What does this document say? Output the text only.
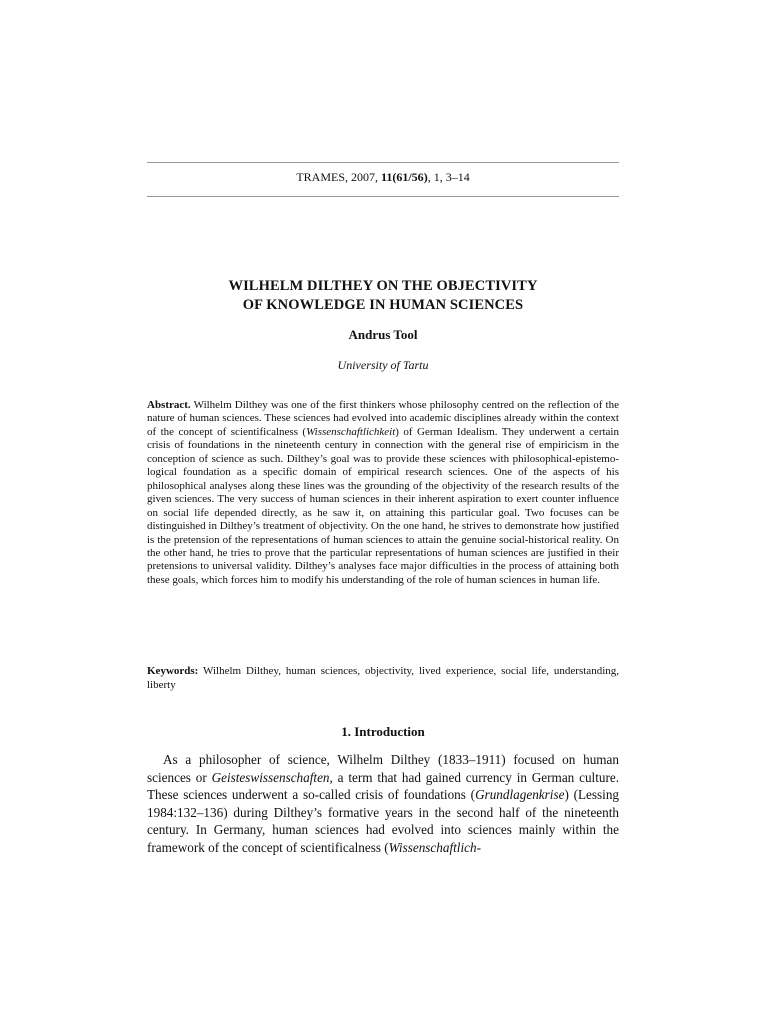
TRAMES, 2007, 11(61/56), 1, 3–14
WILHELM DILTHEY ON THE OBJECTIVITY
OF KNOWLEDGE IN HUMAN SCIENCES
Andrus Tool
University of Tartu
Abstract. Wilhelm Dilthey was one of the first thinkers whose philosophy centred on the reflection of the nature of human sciences. These sciences had evolved into academic disciplines already within the context of the concept of scientificalness (Wissenschaftlichkeit) of German Idealism. They underwent a certain crisis of foundations in the nineteenth century in connection with the general rise of empiricism in the conception of science as such. Dilthey’s goal was to provide these sciences with philosophical-epistemological foundation as a specific domain of empirical research sciences. One of the aspects of his philosophical analyses along these lines was the grounding of the objectivity of the research results of the given sciences. The very success of human sciences in their inherent aspiration to exert counter influence on social life depended directly, as he saw it, on attaining this particular goal. Two focuses can be distinguished in Dilthey’s treatment of objectivity. On the one hand, he strives to demonstrate how justified is the pretension of the representations of human sciences to attain the genuine social-historical reality. On the other hand, he tries to prove that the particular representations of human sciences are justified in their pretensions to universal validity. Dilthey’s analyses face major difficulties in the process of attaining both these goals, which forces him to modify his understanding of the role of human sciences in human life.
Keywords: Wilhelm Dilthey, human sciences, objectivity, lived experience, social life, understanding, liberty
1. Introduction
As a philosopher of science, Wilhelm Dilthey (1833–1911) focused on human sciences or Geisteswissenschaften, a term that had gained currency in German culture. These sciences underwent a so-called crisis of foundations (Grundlagenkrise) (Lessing 1984:132–136) during Dilthey’s formative years in the second half of the nineteenth century. In Germany, human sciences had evolved into sciences mainly within the framework of the concept of scientificalness (Wissenschaftlich-
